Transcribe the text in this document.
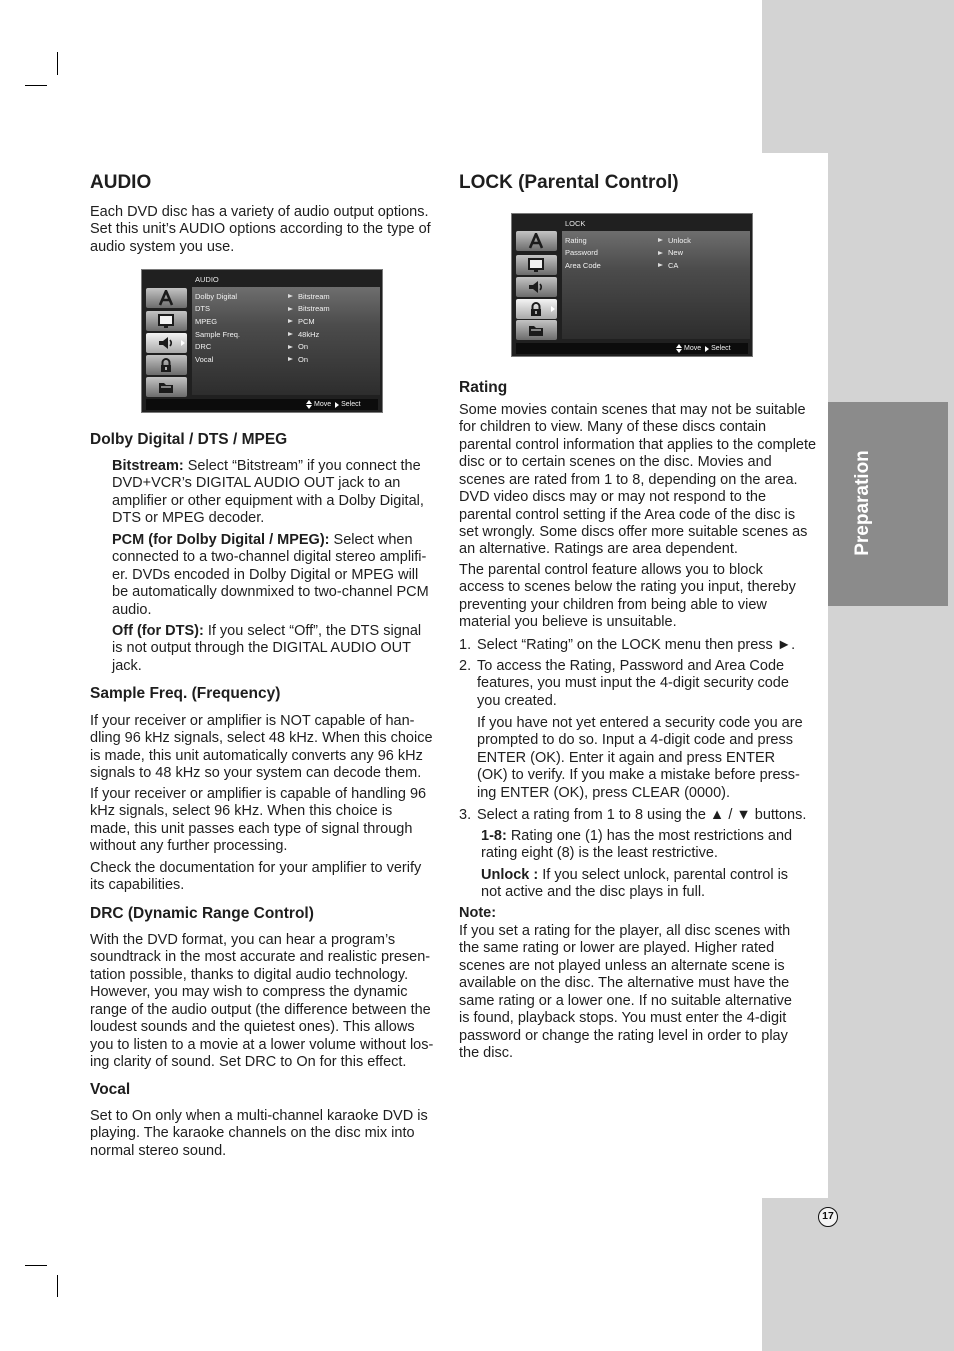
Preparation
AUDIO
Each DVD disc has a variety of audio output options.
Set this unit’s AUDIO options according to the type of
audio system you use.
AUDIO
Dolby Digital	Bitstream
DTS	Bitstream
MPEG	PCM
Sample Freq.	48kHz
DRC	On
Vocal	On
Move Select
Dolby Digital / DTS / MPEG
Bitstream: Select “Bitstream” if you connect the
DVD+VCR’s DIGITAL AUDIO OUT jack to an
amplifier or other equipment with a Dolby Digital,
DTS or MPEG decoder.
PCM (for Dolby Digital / MPEG): Select when
connected to a two-channel digital stereo amplifi-
er. DVDs encoded in Dolby Digital or MPEG will
be automatically downmixed to two-channel PCM
audio.
Off (for DTS): If you select “Off”, the DTS signal
is not output through the DIGITAL AUDIO OUT
jack.
Sample Freq. (Frequency)
If your receiver or amplifier is NOT capable of han-
dling 96 kHz signals, select 48 kHz. When this choice
is made, this unit automatically converts any 96 kHz
signals to 48 kHz so your system can decode them.
If your receiver or amplifier is capable of handling 96
kHz signals, select 96 kHz. When this choice is
made, this unit passes each type of signal through
without any further processing.
Check the documentation for your amplifier to verify
its capabilities.
DRC (Dynamic Range Control)
With the DVD format, you can hear a program’s
soundtrack in the most accurate and realistic presen-
tation possible, thanks to digital audio technology.
However, you may wish to compress the dynamic
range of the audio output (the difference between the
loudest sounds and the quietest ones). This allows
you to listen to a movie at a lower volume without los-
ing clarity of sound. Set DRC to On for this effect.
Vocal
Set to On only when a multi-channel karaoke DVD is
playing. The karaoke channels on the disc mix into
normal stereo sound.
LOCK (Parental Control)
LOCK
Rating	Unlock
Password	New
Area Code	CA
Move Select
Rating
Some movies contain scenes that may not be suitable
for children to view. Many of these discs contain
parental control information that applies to the complete
disc or to certain scenes on the disc. Movies and
scenes are rated from 1 to 8, depending on the area.
DVD video discs may or may not respond to the
parental control setting if the Area code of the disc is
set wrongly. Some discs offer more suitable scenes as
an alternative. Ratings are area dependent.
The parental control feature allows you to block
access to scenes below the rating you input, thereby
preventing your children from being able to view
material you believe is unsuitable.
1. Select “Rating” on the LOCK menu then press ►.
2. To access the Rating, Password and Area Code
features, you must input the 4-digit security code
you created.
If you have not yet entered a security code you are
prompted to do so. Input a 4-digit code and press
ENTER (OK). Enter it again and press ENTER
(OK) to verify. If you make a mistake before press-
ing ENTER (OK), press CLEAR (0000).
3. Select a rating from 1 to 8 using the ▲ / ▼ buttons.
1-8: Rating one (1) has the most restrictions and
rating eight (8) is the least restrictive.
Unlock : If you select unlock, parental control is
not active and the disc plays in full.
Note:
If you set a rating for the player, all disc scenes with
the same rating or lower are played. Higher rated
scenes are not played unless an alternate scene is
available on the disc. The alternative must have the
same rating or a lower one. If no suitable alternative
is found, playback stops. You must enter the 4-digit
password or change the rating level in order to play
the disc.
17
